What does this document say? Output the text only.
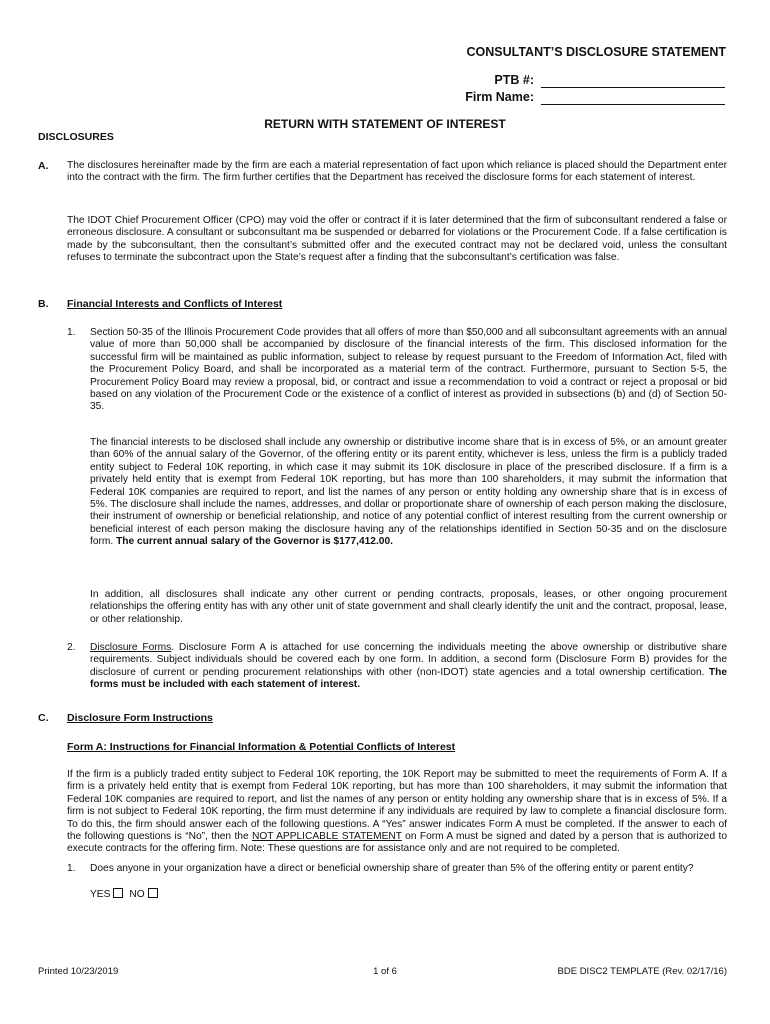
CONSULTANT’S DISCLOSURE STATEMENT
PTB #:
Firm Name:
RETURN WITH STATEMENT OF INTEREST
DISCLOSURES
A. The disclosures hereinafter made by the firm are each a material representation of fact upon which reliance is placed should the Department enter into the contract with the firm. The firm further certifies that the Department has received the disclosure forms for each statement of interest.
The IDOT Chief Procurement Officer (CPO) may void the offer or contract if it is later determined that the firm of subconsultant rendered a false or erroneous disclosure. A consultant or subconsultant ma be suspended or debarred for violations or the Procurement Code. If a false certification is made by the subconsultant, then the consultant’s submitted offer and the executed contract may not be declared void, unless the consultant refuses to terminate the subcontract upon the State’s request after a finding that the subconsultant’s certification was false.
B. Financial Interests and Conflicts of Interest
1. Section 50-35 of the Illinois Procurement Code provides that all offers of more than $50,000 and all subconsultant agreements with an annual value of more than 50,000 shall be accompanied by disclosure of the financial interests of the firm. This disclosed information for the successful firm will be maintained as public information, subject to release by request pursuant to the Freedom of Information Act, filed with the Procurement Policy Board, and shall be incorporated as a material term of the contract. Furthermore, pursuant to Section 5-5, the Procurement Policy Board may review a proposal, bid, or contract and issue a recommendation to void a contract or reject a proposal or bid based on any violation of the Procurement Code or the existence of a conflict of interest as provided in subsections (b) and (d) of Section 50-35.
The financial interests to be disclosed shall include any ownership or distributive income share that is in excess of 5%, or an amount greater than 60% of the annual salary of the Governor, of the offering entity or its parent entity, whichever is less, unless the firm is a publicly traded entity subject to Federal 10K reporting, in which case it may submit its 10K disclosure in place of the prescribed disclosure. If a firm is a privately held entity that is exempt from Federal 10K reporting, but has more than 100 shareholders, it may submit the information that Federal 10K companies are required to report, and list the names of any person or entity holding any ownership share that is in excess of 5%. The disclosure shall include the names, addresses, and dollar or proportionate share of ownership of each person making the disclosure, their instrument of ownership or beneficial relationship, and notice of any potential conflict of interest resulting from the current ownership or beneficial interest of each person making the disclosure having any of the relationships identified in Section 50-35 and on the disclosure form. The current annual salary of the Governor is $177,412.00.
In addition, all disclosures shall indicate any other current or pending contracts, proposals, leases, or other ongoing procurement relationships the offering entity has with any other unit of state government and shall clearly identify the unit and the contract, proposal, lease, or other relationship.
2. Disclosure Forms. Disclosure Form A is attached for use concerning the individuals meeting the above ownership or distributive share requirements. Subject individuals should be covered each by one form. In addition, a second form (Disclosure Form B) provides for the disclosure of current or pending procurement relationships with other (non-IDOT) state agencies and a total ownership certification. The forms must be included with each statement of interest.
C. Disclosure Form Instructions
Form A: Instructions for Financial Information & Potential Conflicts of Interest
If the firm is a publicly traded entity subject to Federal 10K reporting, the 10K Report may be submitted to meet the requirements of Form A. If a firm is a privately held entity that is exempt from Federal 10K reporting, but has more than 100 shareholders, it may submit the information that Federal 10K companies are required to report, and list the names of any person or entity holding any ownership share that is in excess of 5%. If a firm is not subject to Federal 10K reporting, the firm must determine if any individuals are required by law to complete a financial disclosure form. To do this, the firm should answer each of the following questions. A “Yes” answer indicates Form A must be completed. If the answer to each of the following questions is “No”, then the NOT APPLICABLE STATEMENT on Form A must be signed and dated by a person that is authorized to execute contracts for the offering firm. Note: These questions are for assistance only and are not required to be completed.
1. Does anyone in your organization have a direct or beneficial ownership share of greater than 5% of the offering entity or parent entity?
YES NO
Printed 10/23/2019	1 of 6	BDE DISC2 TEMPLATE (Rev. 02/17/16)
